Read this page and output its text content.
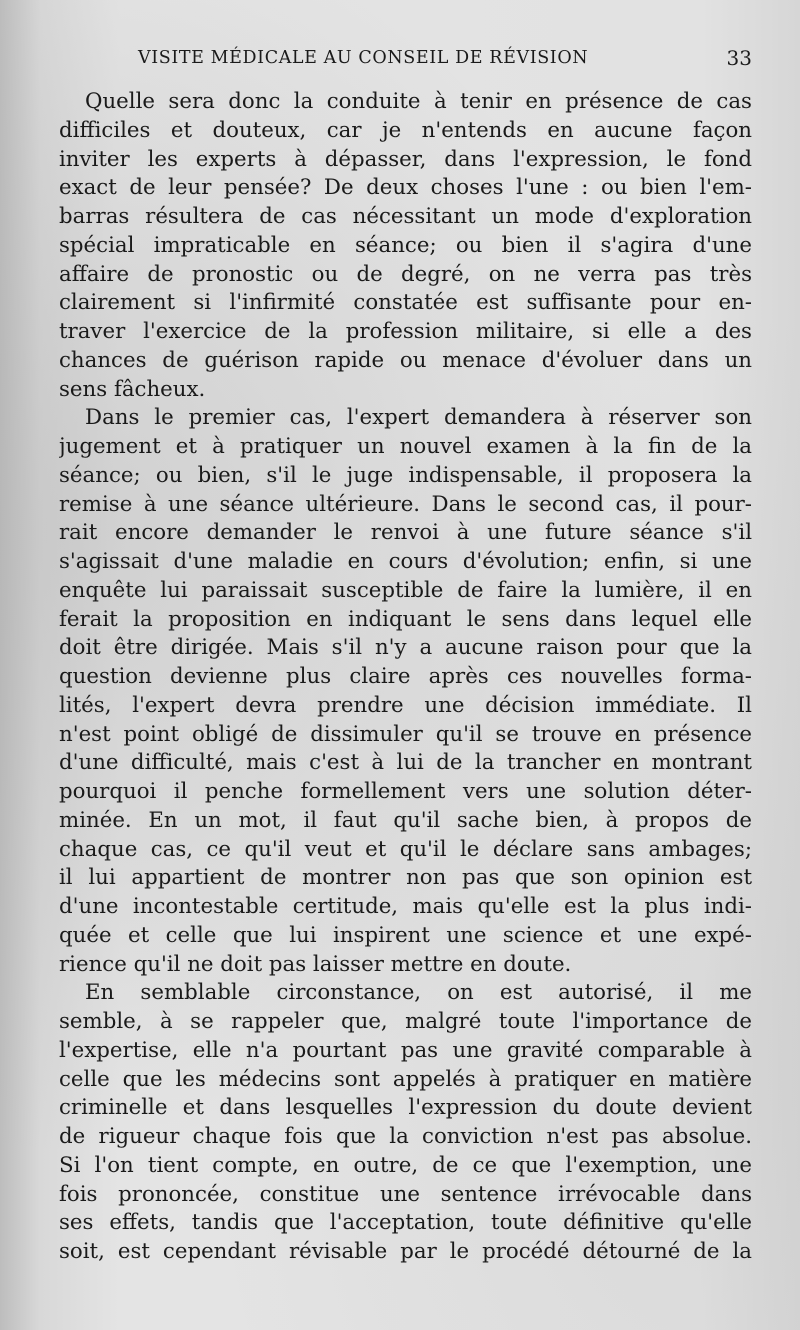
VISITE MÉDICALE AU CONSEIL DE RÉVISION	33
Quelle sera donc la conduite à tenir en présence de cas
difficiles et douteux, car je n'entends en aucune façon
inviter les experts à dépasser, dans l'expression, le fond
exact de leur pensée? De deux choses l'une : ou bien l'em-
barras résultera de cas nécessitant un mode d'exploration
spécial impraticable en séance; ou bien il s'agira d'une
affaire de pronostic ou de degré, on ne verra pas très
clairement si l'infirmité constatée est suffisante pour en-
traver l'exercice de la profession militaire, si elle a des
chances de guérison rapide ou menace d'évoluer dans un
sens fâcheux.
Dans le premier cas, l'expert demandera à réserver son
jugement et à pratiquer un nouvel examen à la fin de la
séance; ou bien, s'il le juge indispensable, il proposera la
remise à une séance ultérieure. Dans le second cas, il pour-
rait encore demander le renvoi à une future séance s'il
s'agissait d'une maladie en cours d'évolution; enfin, si une
enquête lui paraissait susceptible de faire la lumière, il en
ferait la proposition en indiquant le sens dans lequel elle
doit être dirigée. Mais s'il n'y a aucune raison pour que la
question devienne plus claire après ces nouvelles forma-
lités, l'expert devra prendre une décision immédiate. Il
n'est point obligé de dissimuler qu'il se trouve en présence
d'une difficulté, mais c'est à lui de la trancher en montrant
pourquoi il penche formellement vers une solution déter-
minée. En un mot, il faut qu'il sache bien, à propos de
chaque cas, ce qu'il veut et qu'il le déclare sans ambages;
il lui appartient de montrer non pas que son opinion est
d'une incontestable certitude, mais qu'elle est la plus indi-
quée et celle que lui inspirent une science et une expé-
rience qu'il ne doit pas laisser mettre en doute.
En semblable circonstance, on est autorisé, il me
semble, à se rappeler que, malgré toute l'importance de
l'expertise, elle n'a pourtant pas une gravité comparable à
celle que les médecins sont appelés à pratiquer en matière
criminelle et dans lesquelles l'expression du doute devient
de rigueur chaque fois que la conviction n'est pas absolue.
Si l'on tient compte, en outre, de ce que l'exemption, une
fois prononcée, constitue une sentence irrévocable dans
ses effets, tandis que l'acceptation, toute définitive qu'elle
soit, est cependant révisable par le procédé détourné de la
